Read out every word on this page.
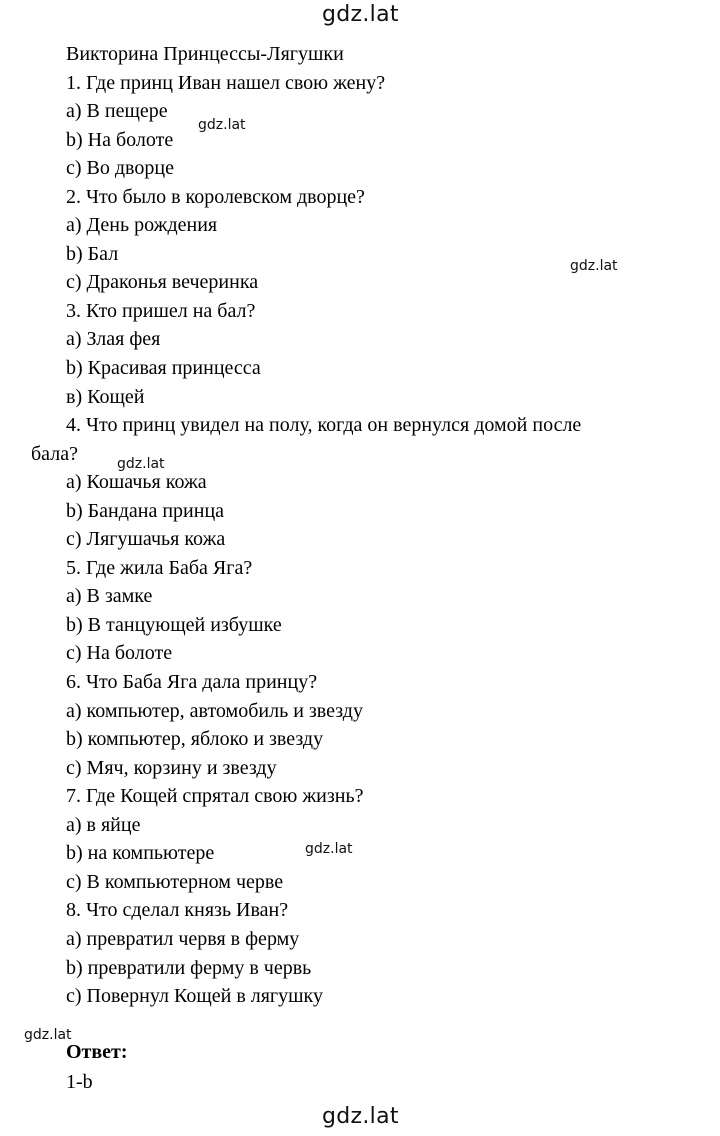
gdz.lat
gdz.lat
gdz.lat
gdz.lat
gdz.lat
gdz.lat
gdz.lat
Викторина Принцессы-Лягушки
1. Где принц Иван нашел свою жену?
а) В пещере
b) На болоте
с) Во дворце
2. Что было в королевском дворце?
а) День рождения
b) Бал
с) Драконья вечеринка
3. Кто пришел на бал?
а) Злая фея
b) Красивая принцесса
в) Кощей
4. Что принц увидел на полу, когда он вернулся домой после
бала?
а) Кошачья кожа
b) Бандана принца
с) Лягушачья кожа
5. Где жила Баба Яга?
а) В замке
b) В танцующей избушке
с) На болоте
6. Что Баба Яга дала принцу?
а) компьютер, автомобиль и звезду
b) компьютер, яблоко и звезду
с) Мяч, корзину и звезду
7. Где Кощей спрятал свою жизнь?
а) в яйце
b) на компьютере
с) В компьютерном черве
8. Что сделал князь Иван?
а) превратил червя в ферму
b) превратили ферму в червь
с) Повернул Кощей в лягушку
Ответ:
1-b
